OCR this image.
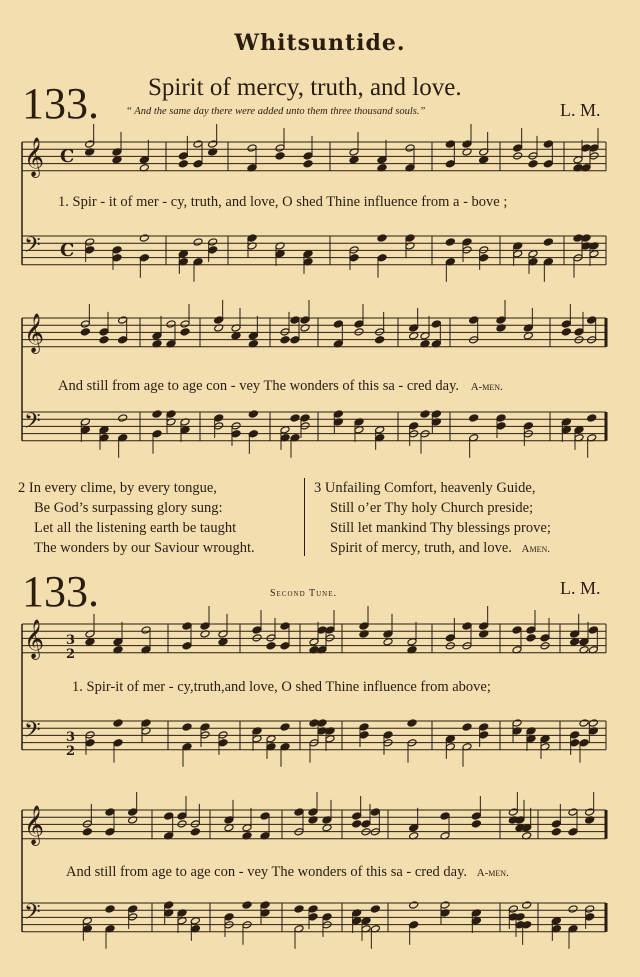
Whitsuntide.
133. Spirit of mercy, truth, and love.
“ And the same day there were added unto them three thousand souls.”	L. M.
𝄞
𝄢
𝄞
𝄢
𝄞
𝄢
𝄞
𝄢
C
C
3
2
3
2
1. Spir - it of mer - cy, truth, and love, O shed Thine influence from a - bove ;
And still from age to age con - vey The wonders of this sa - cred day. A-men.
2 In every clime, by every tongue,
Be God’s surpassing glory sung:
Let all the listening earth be taught
The wonders by our Saviour wrought.
3 Unfailing Comfort, heavenly Guide,
Still o’er Thy holy Church preside;
Still let mankind Thy blessings prove;
Spirit of mercy, truth, and love. Amen.
133.	Second Tune.	L. M.
1. Spir-it of mer - cy,truth,and love, O shed Thine influence from above;
And still from age to age con - vey The wonders of this sa - cred day. A-men.
